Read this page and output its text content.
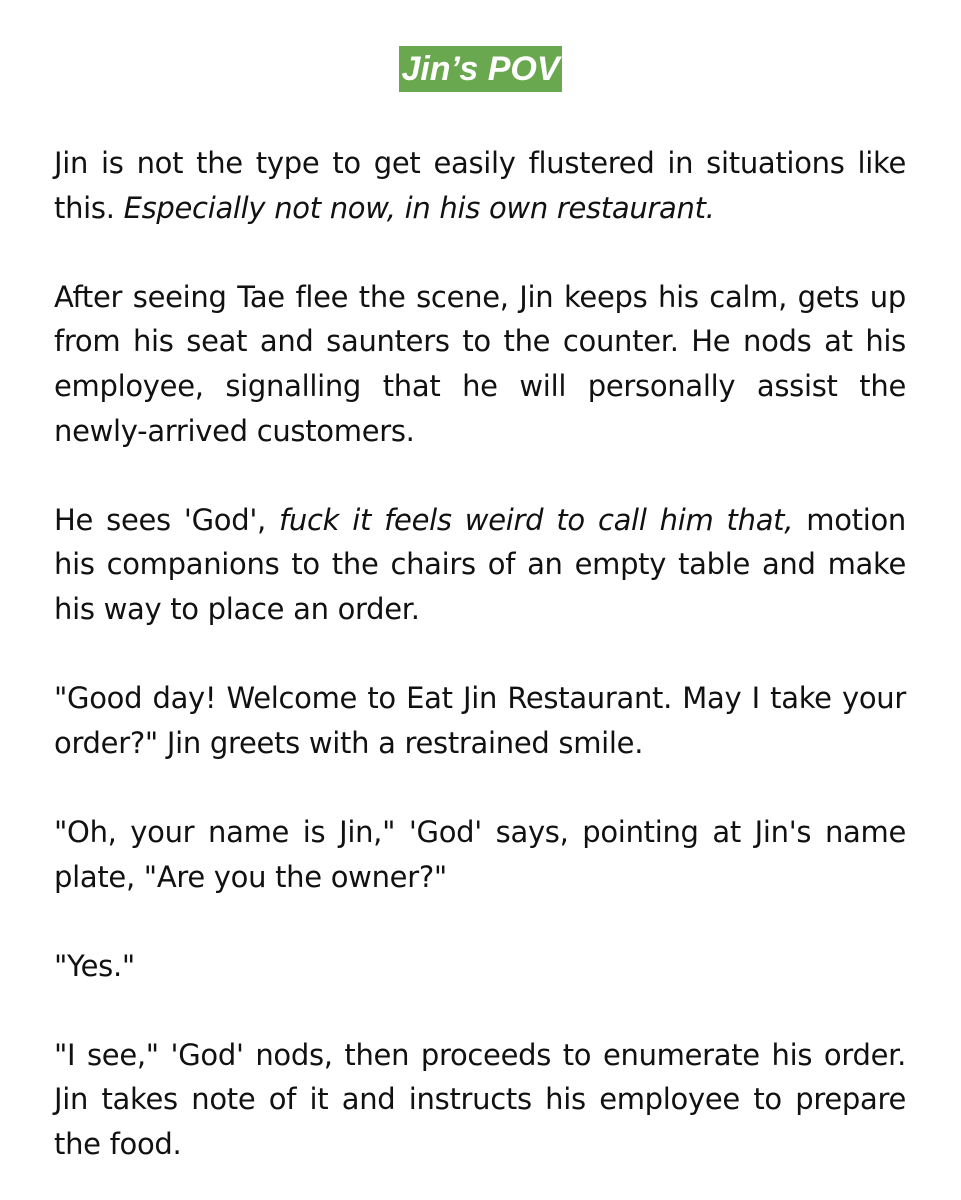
Jin’s POV

Jin is not the type to get easily flustered in situations like this. Especially not now, in his own restaurant.

After seeing Tae flee the scene, Jin keeps his calm, gets up from his seat and saunters to the counter. He nods at his employee, signalling that he will personally assist the newly-arrived customers.

He sees 'God', fuck it feels weird to call him that, motion his companions to the chairs of an empty table and make his way to place an order.

"Good day! Welcome to Eat Jin Restaurant. May I take your order?" Jin greets with a restrained smile.

"Oh, your name is Jin," 'God' says, pointing at Jin's name plate, "Are you the owner?"

"Yes."

"I see," 'God' nods, then proceeds to enumerate his order. Jin takes note of it and instructs his employee to prepare the food.
